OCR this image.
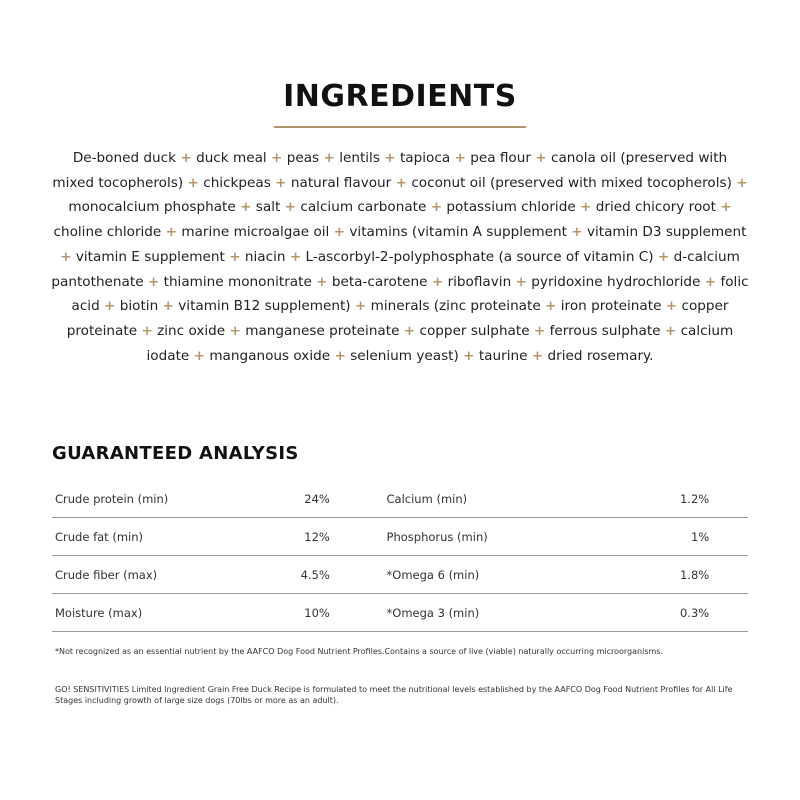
INGREDIENTS
De-boned duck + duck meal + peas + lentils + tapioca + pea flour + canola oil (preserved with mixed tocopherols) + chickpeas + natural flavour + coconut oil (preserved with mixed tocopherols) + monocalcium phosphate + salt + calcium carbonate + potassium chloride + dried chicory root + choline chloride + marine microalgae oil + vitamins (vitamin A supplement + vitamin D3 supplement + vitamin E supplement + niacin + L-ascorbyl-2-polyphosphate (a source of vitamin C) + d-calcium pantothenate + thiamine mononitrate + beta-carotene + riboflavin + pyridoxine hydrochloride + folic acid + biotin + vitamin B12 supplement) + minerals (zinc proteinate + iron proteinate + copper proteinate + zinc oxide + manganese proteinate + copper sulphate + ferrous sulphate + calcium iodate + manganous oxide + selenium yeast) + taurine + dried rosemary.
GUARANTEED ANALYSIS
Crude protein (min)	24%		Calcium (min)	1.2%	
Crude fat (min)	12%		Phosphorus (min)	1%	
Crude fiber (max)	4.5%		*Omega 6 (min)	1.8%	
Moisture (max)	10%		*Omega 3 (min)	0.3%	
*Not recognized as an essential nutrient by the AAFCO Dog Food Nutrient Profiles.Contains a source of live (viable) naturally occurring microorganisms.
GO! SENSITIVITIES Limited Ingredient Grain Free Duck Recipe is formulated to meet the nutritional levels established by the AAFCO Dog Food Nutrient Profiles for All Life Stages including growth of large size dogs (70lbs or more as an adult).
